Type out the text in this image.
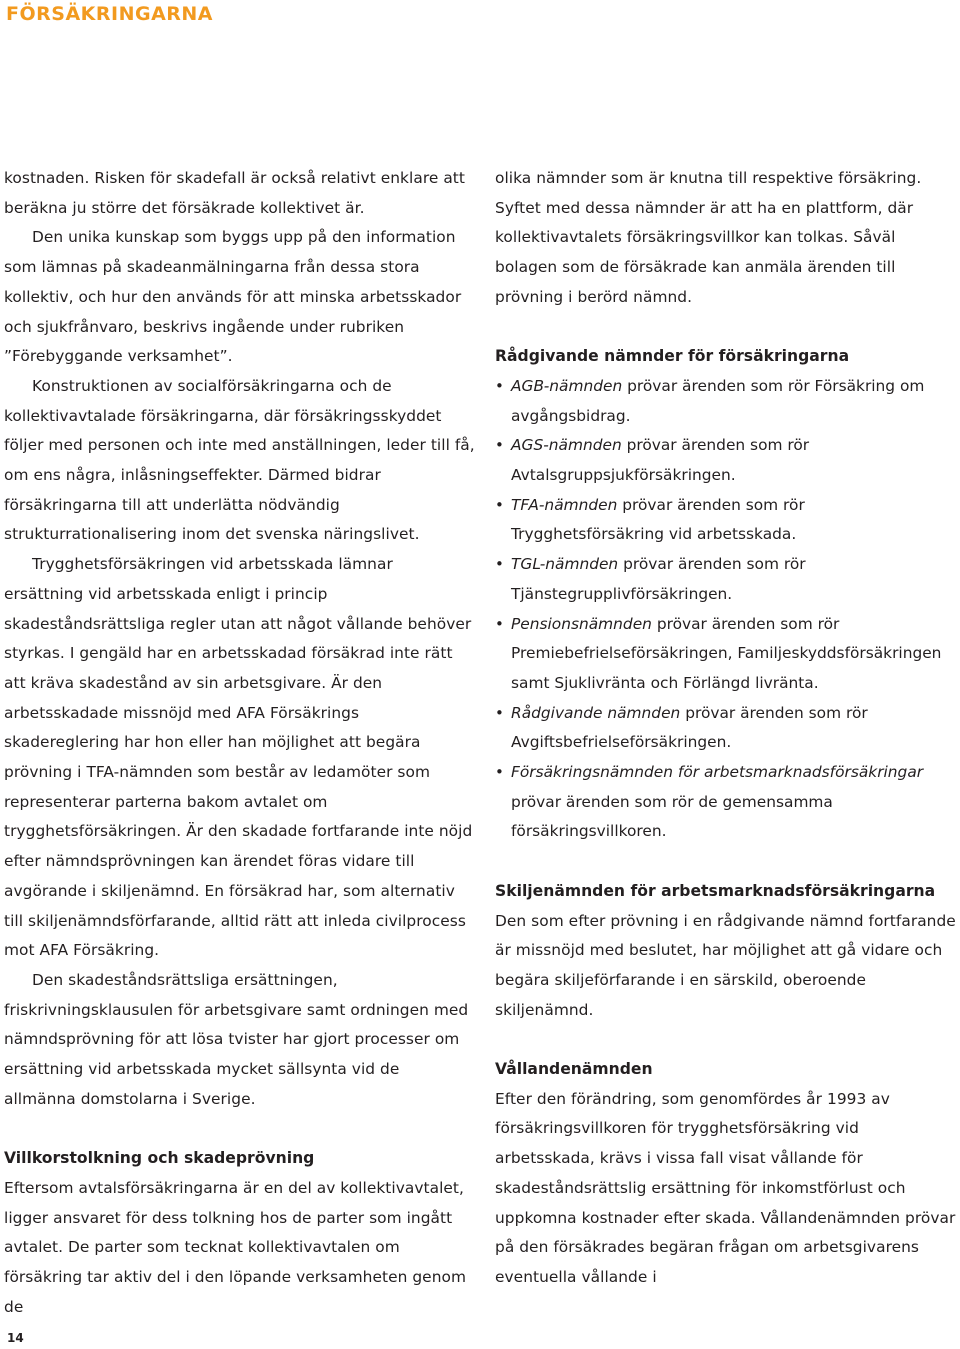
FÖRSÄKRINGARNA

kostnaden. Risken för skadefall är också relativt enklare att beräkna ju större det försäkrade kollektivet är.

Den unika kunskap som byggs upp på den information som lämnas på skadeanmälningarna från dessa stora kollektiv, och hur den används för att minska arbetsskador och sjukfrånvaro, beskrivs ingående under rubriken ”Förebyggande verksamhet”.

Konstruktionen av socialförsäkringarna och de kollektivavtalade försäkringarna, där försäkringsskyddet följer med personen och inte med anställningen, leder till få, om ens några, inlåsningseffekter. Därmed bidrar försäkringarna till att underlätta nödvändig strukturrationalisering inom det svenska näringslivet.

Trygghetsförsäkringen vid arbetsskada lämnar ersättning vid arbetsskada enligt i princip skadeståndsrättsliga regler utan att något vållande behöver styrkas. I gengäld har en arbetsskadad försäkrad inte rätt att kräva skadestånd av sin arbetsgivare. Är den arbetsskadade missnöjd med AFA Försäkrings skadereglering har hon eller han möjlighet att begära prövning i TFA-nämnden som består av ledamöter som representerar parterna bakom avtalet om trygghetsförsäkringen. Är den skadade fortfarande inte nöjd efter nämndsprövningen kan ärendet föras vidare till avgörande i skiljenämnd. En försäkrad har, som alternativ till skiljenämndsförfarande, alltid rätt att inleda civilprocess mot AFA Försäkring.

Den skadeståndsrättsliga ersättningen, friskrivningsklausulen för arbetsgivare samt ordningen med nämndsprövning för att lösa tvister har gjort processer om ersättning vid arbetsskada mycket sällsynta vid de allmänna domstolarna i Sverige.

Villkorstolkning och skadeprövning

Eftersom avtalsförsäkringarna är en del av kollektivavtalet, ligger ansvaret för dess tolkning hos de parter som ingått avtalet. De parter som tecknat kollektivavtalen om försäkring tar aktiv del i den löpande verksamheten genom de

olika nämnder som är knutna till respektive försäkring. Syftet med dessa nämnder är att ha en plattform, där kollektivavtalets försäkringsvillkor kan tolkas. Såväl bolagen som de försäkrade kan anmäla ärenden till prövning i berörd nämnd.

Rådgivande nämnder för försäkringarna
• AGB-nämnden prövar ärenden som rör Försäkring om avgångsbidrag.
• AGS-nämnden prövar ärenden som rör Avtalsgruppsjukförsäkringen.
• TFA-nämnden prövar ärenden som rör Trygghetsförsäkring vid arbetsskada.
• TGL-nämnden prövar ärenden som rör Tjänstegrupplivförsäkringen.
• Pensionsnämnden prövar ärenden som rör Premiebefrielseförsäkringen, Familjeskyddsförsäkringen samt Sjuklivränta och Förlängd livränta.
• Rådgivande nämnden prövar ärenden som rör Avgiftsbefrielseförsäkringen.
• Försäkringsnämnden för arbetsmarknadsförsäkringar prövar ärenden som rör de gemensamma försäkringsvillkoren.
Skiljenämnden för arbetsmarknadsförsäkringarna

Den som efter prövning i en rådgivande nämnd fortfarande är missnöjd med beslutet, har möjlighet att gå vidare och begära skiljeförfarande i en särskild, oberoende skiljenämnd.

Vållandenämnden

Efter den förändring, som genomfördes år 1993 av försäkringsvillkoren för trygghetsförsäkring vid arbetsskada, krävs i vissa fall visat vållande för skadeståndsrättslig ersättning för inkomstförlust och uppkomna kostnader efter skada. Vållandenämnden prövar på den försäkrades begäran frågan om arbetsgivarens eventuella vållande i

14
